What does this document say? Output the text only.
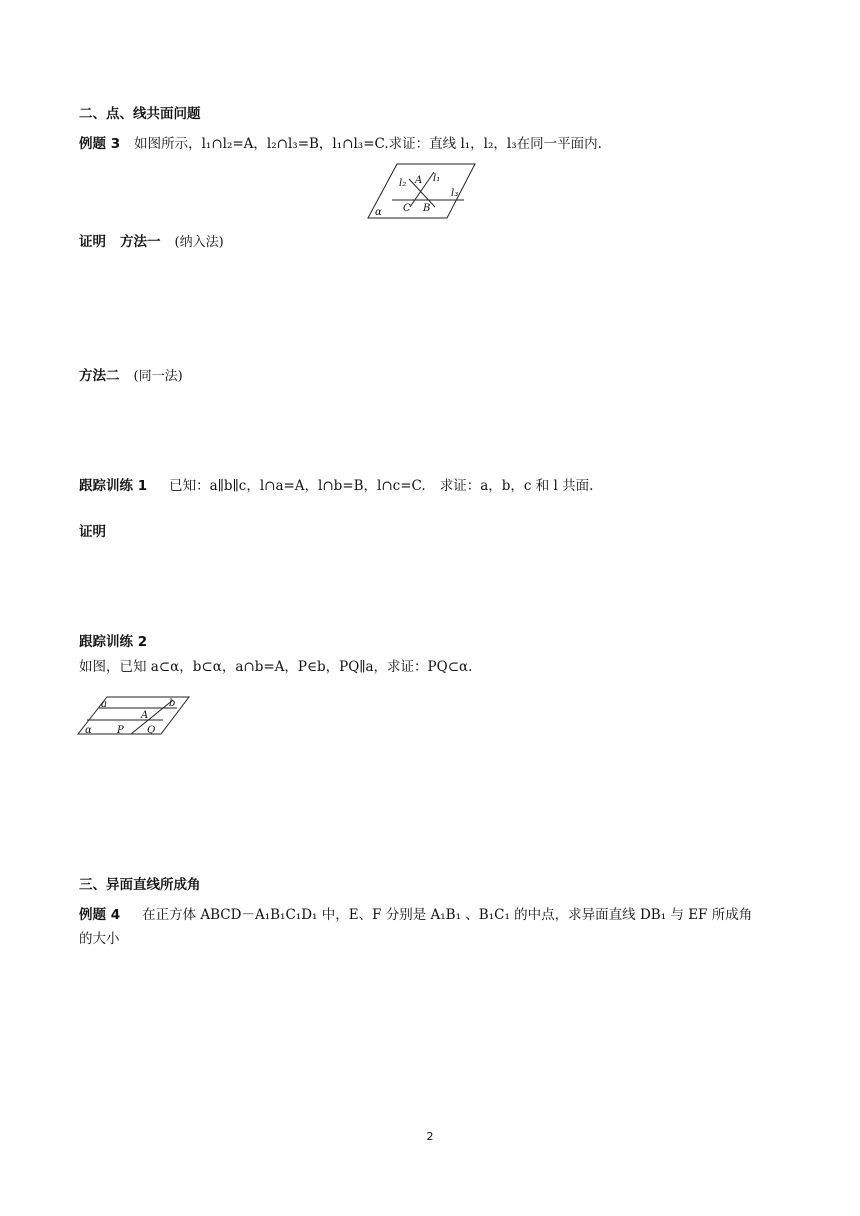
二、点、线共面问题
例题 3 如图所示，l₁∩l₂=A，l₂∩l₃=B，l₁∩l₃=C.求证：直线 l₁，l₂，l₃在同一平面内.
l₂ A l₁
l₃
C B
α
证明 方法一 (纳入法)
方法二 (同一法)
跟踪训练 1 已知：a∥b∥c，l∩a=A，l∩b=B，l∩c=C. 求证：a，b，c 和 l 共面.
证明
跟踪训练 2
如图，已知 a⊂α，b⊂α，a∩b=A，P∈b，PQ∥a，求证：PQ⊂α.
a	b
A
P Q
α
三、异面直线所成角
例题 4 在正方体 ABCD－A₁B₁C₁D₁ 中，E、F 分别是 A₁B₁ 、B₁C₁ 的中点，求异面直线 DB₁ 与 EF 所成角
的大小
2
